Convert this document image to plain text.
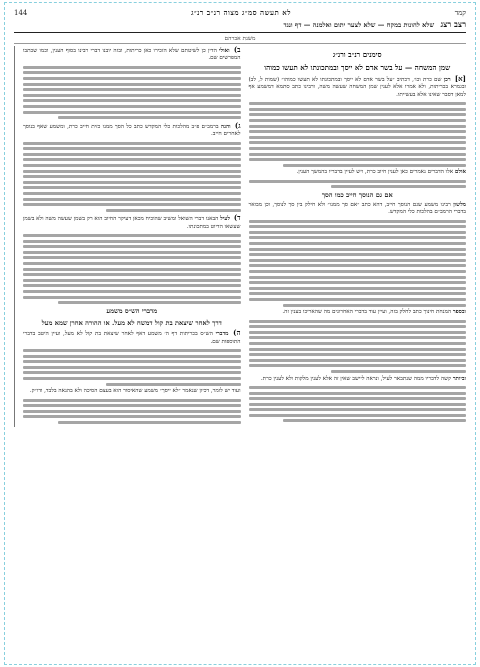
קמד
לא תעשה סמ״ג מצוה רנ״ב רנ״ג
144
רצב רצג שלא להונות במקח — שלא לצער יתום ואלמנה — דף ונגד
משנת אברהם
סימנים רנ״ב ורנ״ג
שמן המשחה — על בשר אדם לא ייסך ובמתכונתו לא תעשו כמוהו

[א] רכן שם כרת וכו׳, דכתיב ״על בשר אדם לא ייסך ובמתכונתו לא תעשו כמוהו״ (שמות ל, לב) ובגמרא בכריתות, ולא אמרו אלא לענין שמן המשחה שעשה משה, ורבינו כתב סתמא דמשמע אף למאן דסבר שאינו אלא בעשייתו.

אולם אלו הדברים נאמרים כאן לענין חיוב כרת, ויש לעיין בדבריו בהמשך הענין.

אם גם הנוסך חייב כמו הסך

מלשון רבינו משמע שגם הנוסך חייב, דהא כתב ״אם סך ממנו״ ולא חילק בין סך לנוסך, וכן מבואר בדברי הרמב״ם בהלכות כלי המקדש.

ובספר המנחת חינוך כתב לחלק בזה, ועיין עוד בדברי האחרונים מה שהאריכו בענין זה.

וביותר קשה לדבריו ממה שנתבאר לעיל, ונראה ליישב שאין זה אלא לענין מלקות ולא לענין כרת.

ב) ואולי הדין כן לשיטתם שלא הזכירו כאן כריתות, ובזה יובנו דברי רבינו בסוף הענין, וכמו שכתבו המפרשים שם.

ג) והנה ברמב״ם פ״ב מהלכות כלי המקדש כתב כל הסך ממנו כזית חייב כרת, ומשמע שאף בנוסך לאחרים חייב.

ד) לעיל הבאנו דברי השואל ומשיב שהוכיח מכאן דעיקר החיוב הוא רק בשמן שעשה משה ולא בשמן שעשאו הדיוט במתכונתו.

מדברי הש״ס משמע
דרך לאחר שיצאת בת קול דמשח לא מעל. או ההורה אחרן שמא מעל

ה) מדברי הש״ס בכריתות דף ה׳ משמע דאף לאחר שיצאת בת קול לא מעל, ועיין היטב בדברי התוספות שם.

ועוד יש לומר, דכיון שנאמר ״לא ייסך״ משמע שהאיסור הוא בעצם הסיכה ולא בהנאה בלבד, ודו״ק.
